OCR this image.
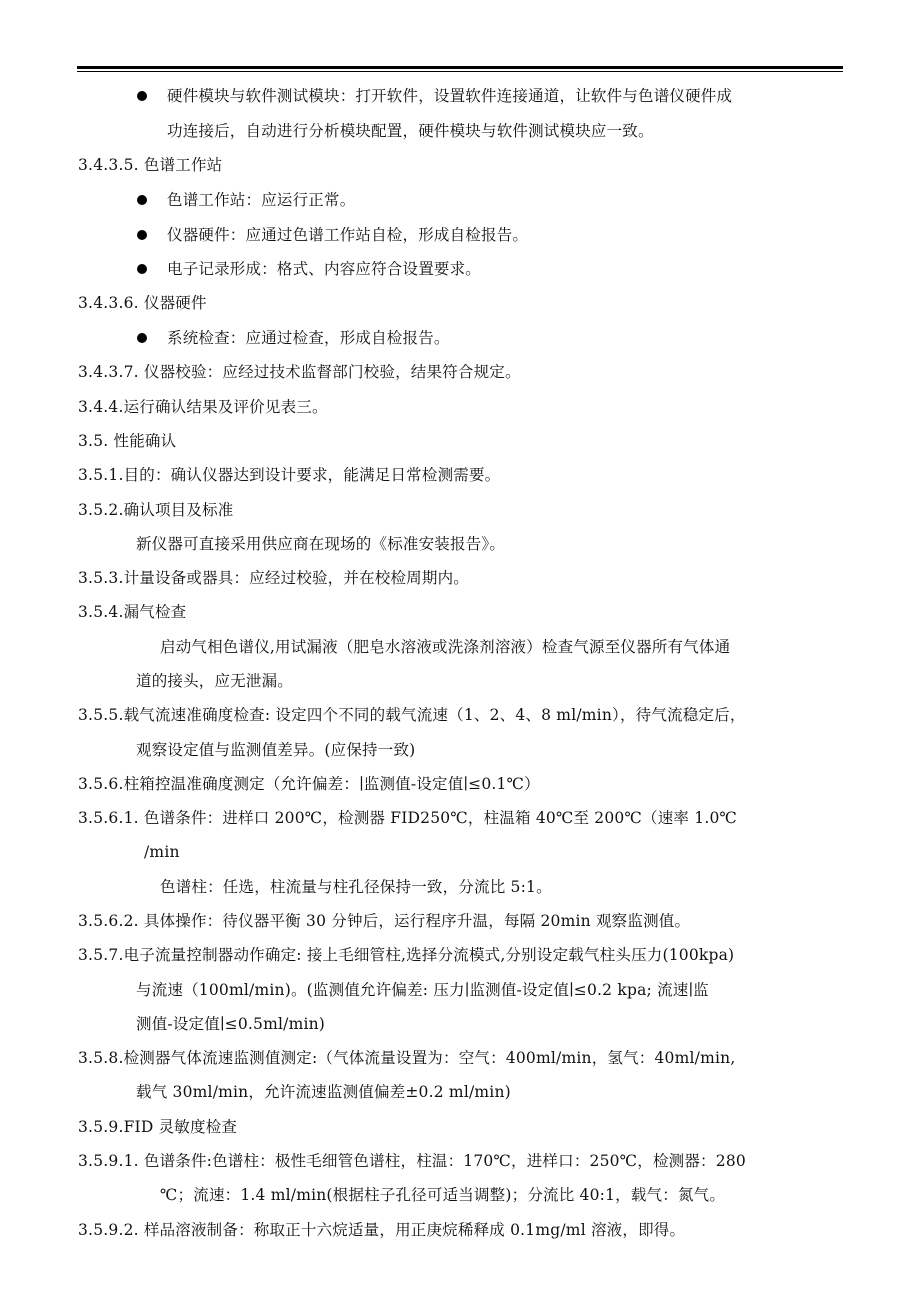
硬件模块与软件测试模块：打开软件，设置软件连接通道，让软件与色谱仪硬件成
功连接后，自动进行分析模块配置，硬件模块与软件测试模块应一致。
3.4.3.5. 色谱工作站
色谱工作站：应运行正常。
仪器硬件：应通过色谱工作站自检，形成自检报告。
电子记录形成：格式、内容应符合设置要求。
3.4.3.6. 仪器硬件
系统检查：应通过检查，形成自检报告。
3.4.3.7. 仪器校验：应经过技术监督部门校验，结果符合规定。
3.4.4.运行确认结果及评价见表三。
3.5. 性能确认
3.5.1.目的：确认仪器达到设计要求，能满足日常检测需要。
3.5.2.确认项目及标准
新仪器可直接采用供应商在现场的《标准安装报告》。
3.5.3.计量设备或器具：应经过校验，并在校检周期内。
3.5.4.漏气检查
启动气相色谱仪,用试漏液（肥皂水溶液或洗涤剂溶液）检查气源至仪器所有气体通
道的接头，应无泄漏。
3.5.5.载气流速准确度检查: 设定四个不同的载气流速（1、2、4、8 ml/min），待气流稳定后，
观察设定值与监测值差异。(应保持一致)
3.5.6.柱箱控温准确度测定（允许偏差：∣监测值-设定值∣≤0.1℃）
3.5.6.1. 色谱条件：进样口 200℃，检测器 FID250℃，柱温箱 40℃至 200℃（速率 1.0℃
/min
色谱柱：任选，柱流量与柱孔径保持一致，分流比 5:1。
3.5.6.2. 具体操作：待仪器平衡 30 分钟后，运行程序升温，每隔 20min 观察监测值。
3.5.7.电子流量控制器动作确定: 接上毛细管柱,选择分流模式,分别设定载气柱头压力(100kpa)
与流速（100ml/min)。(监测值允许偏差: 压力∣监测值-设定值∣≤0.2 kpa; 流速∣监
测值-设定值∣≤0.5ml/min)
3.5.8.检测器气体流速监测值测定:（气体流量设置为：空气：400ml/min，氢气：40ml/min,
载气 30ml/min，允许流速监测值偏差±0.2 ml/min)
3.5.9.FID 灵敏度检查
3.5.9.1. 色谱条件:色谱柱：极性毛细管色谱柱，柱温：170℃，进样口：250℃，检测器：280
℃；流速：1.4 ml/min(根据柱子孔径可适当调整)；分流比 40:1，载气：氮气。
3.5.9.2. 样品溶液制备：称取正十六烷适量，用正庚烷稀释成 0.1mg/ml 溶液，即得。
